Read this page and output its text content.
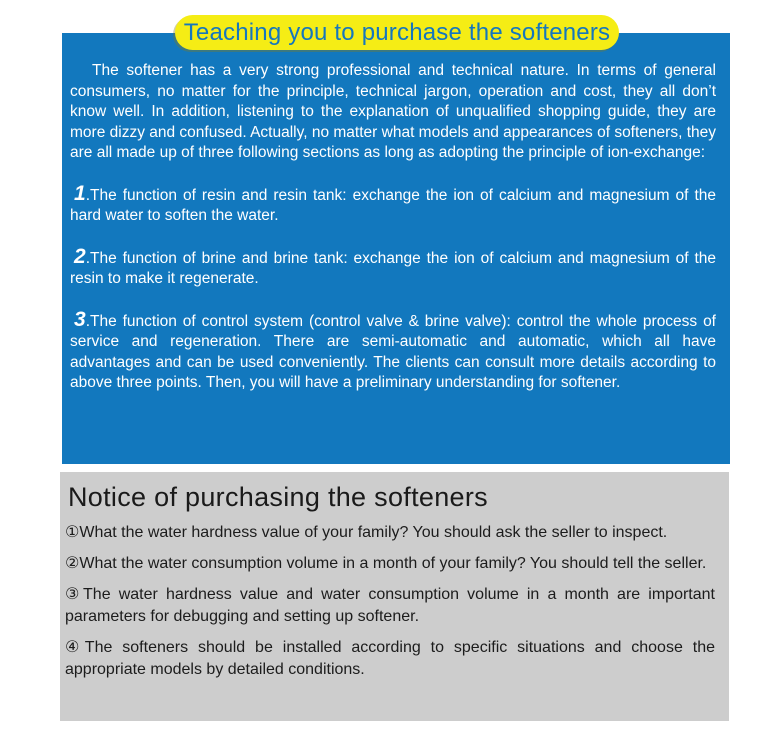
Teaching you to purchase the softeners

The softener has a very strong professional and technical nature. In terms of general consumers, no matter for the principle, technical jargon, operation and cost, they all don’t know well. In addition, listening to the explanation of unqualified shopping guide, they are more dizzy and confused. Actually, no matter what models and appearances of softeners, they are all made up of three following sections as long as adopting the principle of ion-exchange:

1.The function of resin and resin tank: exchange the ion of calcium and magnesium of the hard water to soften the water.

2.The function of brine and brine tank: exchange the ion of calcium and magnesium of the resin to make it regenerate.

3.The function of control system (control valve & brine valve): control the whole process of service and regeneration. There are semi-automatic and automatic, which all have advantages and can be used conveniently. The clients can consult more details according to above three points. Then, you will have a preliminary understanding for softener.

Notice of purchasing the softeners

①What the water hardness value of your family? You should ask the seller to inspect.

②What the water consumption volume in a month of your family? You should tell the seller.

③The water hardness value and water consumption volume in a month are important parameters for debugging and setting up softener.

④The softeners should be installed according to specific situations and choose the appropriate models by detailed conditions.
